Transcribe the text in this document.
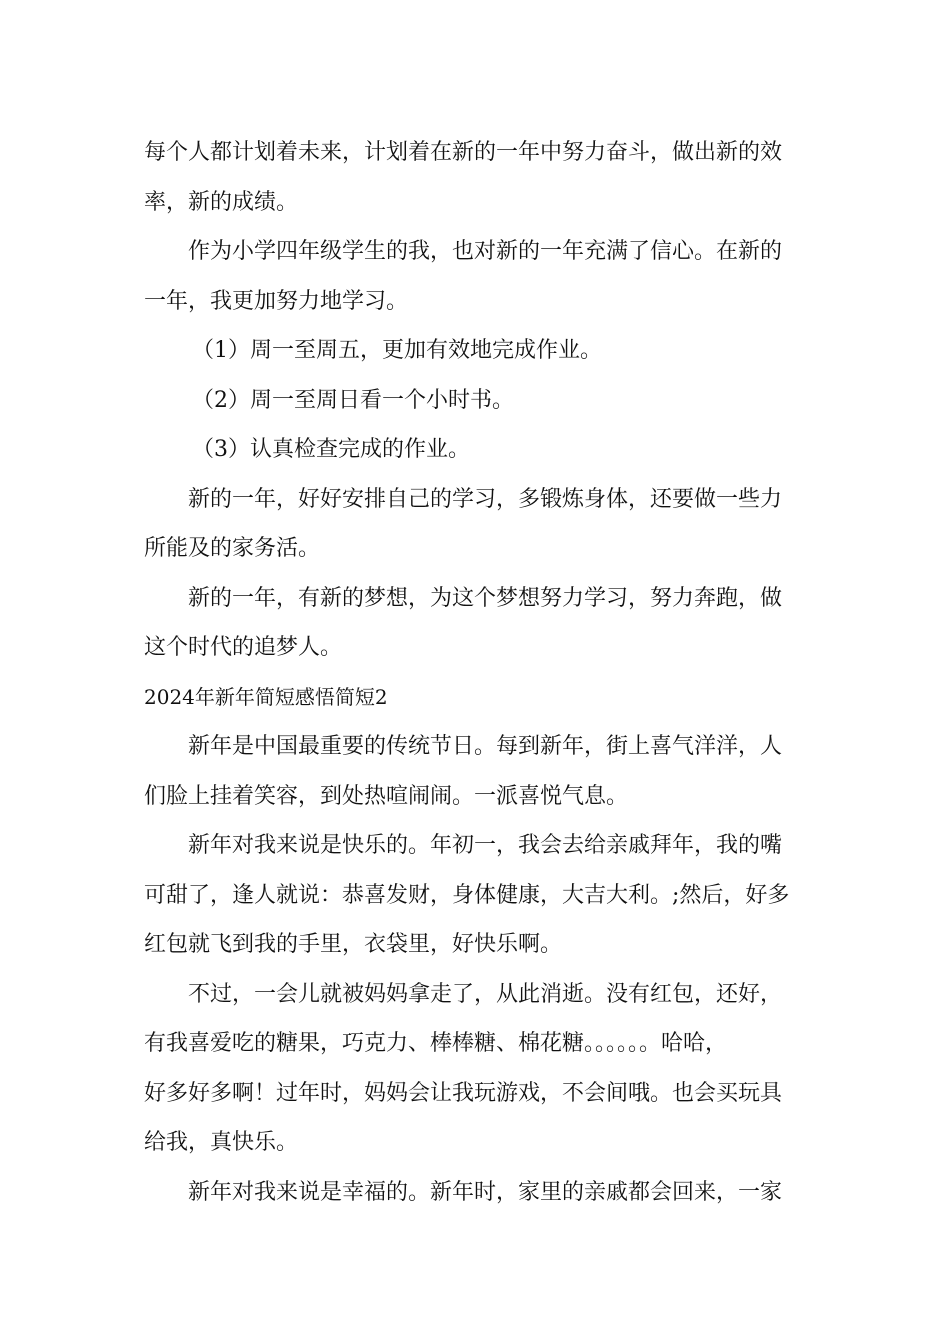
每个人都计划着未来，计划着在新的一年中努力奋斗，做出新的效
率，新的成绩。
作为小学四年级学生的我，也对新的一年充满了信心。在新的
一年，我更加努力地学习。
（1）周一至周五，更加有效地完成作业。
（2）周一至周日看一个小时书。
（3）认真检查完成的作业。
新的一年，好好安排自己的学习，多锻炼身体，还要做一些力
所能及的家务活。
新的一年，有新的梦想，为这个梦想努力学习，努力奔跑，做
这个时代的追梦人。
2024年新年简短感悟简短2
新年是中国最重要的传统节日。每到新年，街上喜气洋洋，人
们脸上挂着笑容，到处热喧闹闹。一派喜悦气息。
新年对我来说是快乐的。年初一，我会去给亲戚拜年，我的嘴
可甜了，逢人就说：恭喜发财，身体健康，大吉大利。;然后，好多
红包就飞到我的手里，衣袋里，好快乐啊。
不过，一会儿就被妈妈拿走了，从此消逝。没有红包，还好，
有我喜爱吃的糖果，巧克力、棒棒糖、棉花糖。。。。。。哈哈，
好多好多啊！过年时，妈妈会让我玩游戏，不会间哦。也会买玩具
给我，真快乐。
新年对我来说是幸福的。新年时，家里的亲戚都会回来，一家
